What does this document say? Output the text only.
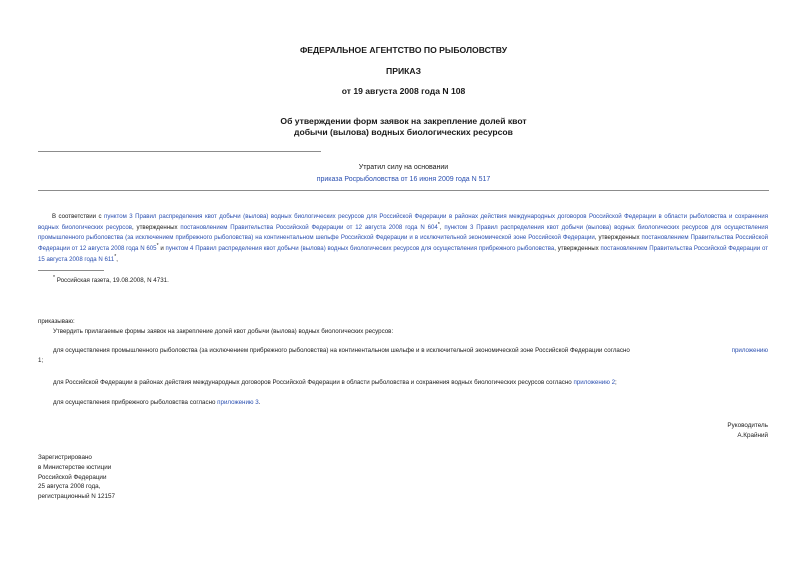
ФЕДЕРАЛЬНОЕ АГЕНТСТВО ПО РЫБОЛОВСТВУ
ПРИКАЗ
от 19 августа 2008 года N 108
Об утверждении форм заявок на закрепление долей квот
добычи (вылова) водных биологических ресурсов
Утратил силу на основании
приказа Росрыболовства от 16 июня 2009 года N 517
В соответствии с пунктом 3 Правил распределения квот добычи (вылова) водных биологических ресурсов для Российской Федерации в районах действия международных договоров Российской Федерации в области рыболовства и сохранения водных биологических ресурсов, утвержденных постановлением Правительства Российской Федерации от 12 августа 2008 года N 604*, пунктом 3 Правил распределения квот добычи (вылова) водных биологических ресурсов для осуществления промышленного рыболовства (за исключением прибрежного рыболовства) на континентальном шельфе Российской Федерации и в исключительной экономической зоне Российской Федерации, утвержденных постановлением Правительства Российской Федерации от 12 августа 2008 года N 605* и пунктом 4 Правил распределения квот добычи (вылова) водных биологических ресурсов для осуществления прибрежного рыболовства, утвержденных постановлением Правительства Российской Федерации от 15 августа 2008 года N 611*,
* Российская газета, 19.08.2008, N 4731.
приказываю:
Утвердить прилагаемые формы заявок на закрепление долей квот добычи (вылова) водных биологических ресурсов:
для осуществления промышленного рыболовства (за исключением прибрежного рыболовства) на континентальном шельфе и в исключительной экономической зоне Российской Федерации согласно	приложению
1;
для Российской Федерации в районах действия международных договоров Российской Федерации в области рыболовства и сохранения водных биологических ресурсов согласно приложению 2;
для осуществления прибрежного рыболовства согласно приложению 3.
Руководитель
А.Крайний
Зарегистрировано
в Министерстве юстиции
Российской Федерации
25 августа 2008 года,
регистрационный N 12157
